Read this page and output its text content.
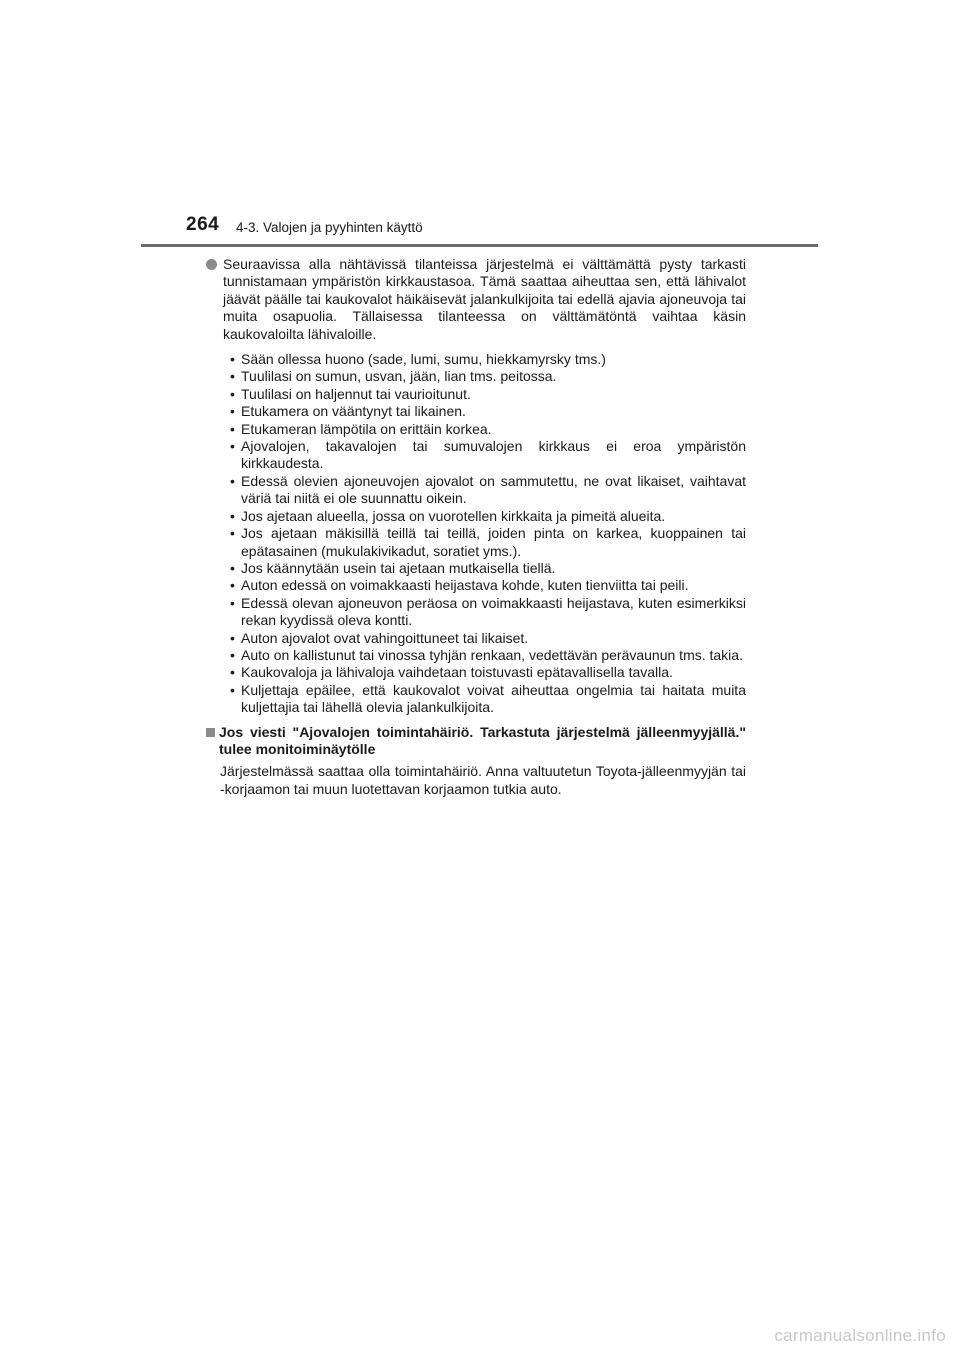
264 4-3. Valojen ja pyyhinten käyttö
Seuraavissa alla nähtävissä tilanteissa järjestelmä ei välttämättä pysty tarkasti tunnistamaan ympäristön kirkkaustasoa. Tämä saattaa aiheuttaa sen, että lähivalot jäävät päälle tai kaukovalot häikäisevät jalankulkijoita tai edellä ajavia ajoneuvoja tai muita osapuolia. Tällaisessa tilanteessa on välttämätöntä vaihtaa käsin kaukovaloilta lähivaloille.
• Sään ollessa huono (sade, lumi, sumu, hiekkamyrsky tms.)
• Tuulilasi on sumun, usvan, jään, lian tms. peitossa.
• Tuulilasi on haljennut tai vaurioitunut.
• Etukamera on vääntynyt tai likainen.
• Etukameran lämpötila on erittäin korkea.
• Ajovalojen, takavalojen tai sumuvalojen kirkkaus ei eroa ympäristön kirkkaudesta.
• Edessä olevien ajoneuvojen ajovalot on sammutettu, ne ovat likaiset, vaihtavat väriä tai niitä ei ole suunnattu oikein.
• Jos ajetaan alueella, jossa on vuorotellen kirkkaita ja pimeitä alueita.
• Jos ajetaan mäkisillä teillä tai teillä, joiden pinta on karkea, kuoppainen tai epätasainen (mukulakivikadut, soratiet yms.).
• Jos käännytään usein tai ajetaan mutkaisella tiellä.
• Auton edessä on voimakkaasti heijastava kohde, kuten tienviitta tai peili.
• Edessä olevan ajoneuvon peräosa on voimakkaasti heijastava, kuten esimerkiksi rekan kyydissä oleva kontti.
• Auton ajovalot ovat vahingoittuneet tai likaiset.
• Auto on kallistunut tai vinossa tyhjän renkaan, vedettävän perävaunun tms. takia.
• Kaukovaloja ja lähivaloja vaihdetaan toistuvasti epätavallisella tavalla.
• Kuljettaja epäilee, että kaukovalot voivat aiheuttaa ongelmia tai haitata muita kuljettajia tai lähellä olevia jalankulkijoita.
Jos viesti "Ajovalojen toimintahäiriö. Tarkastuta järjestelmä jälleenmyyjällä." tulee monitoiminäytölle
Järjestelmässä saattaa olla toimintahäiriö. Anna valtuutetun Toyota-jälleenmyyjän tai -korjaamon tai muun luotettavan korjaamon tutkia auto.
carmanualsonline.info
